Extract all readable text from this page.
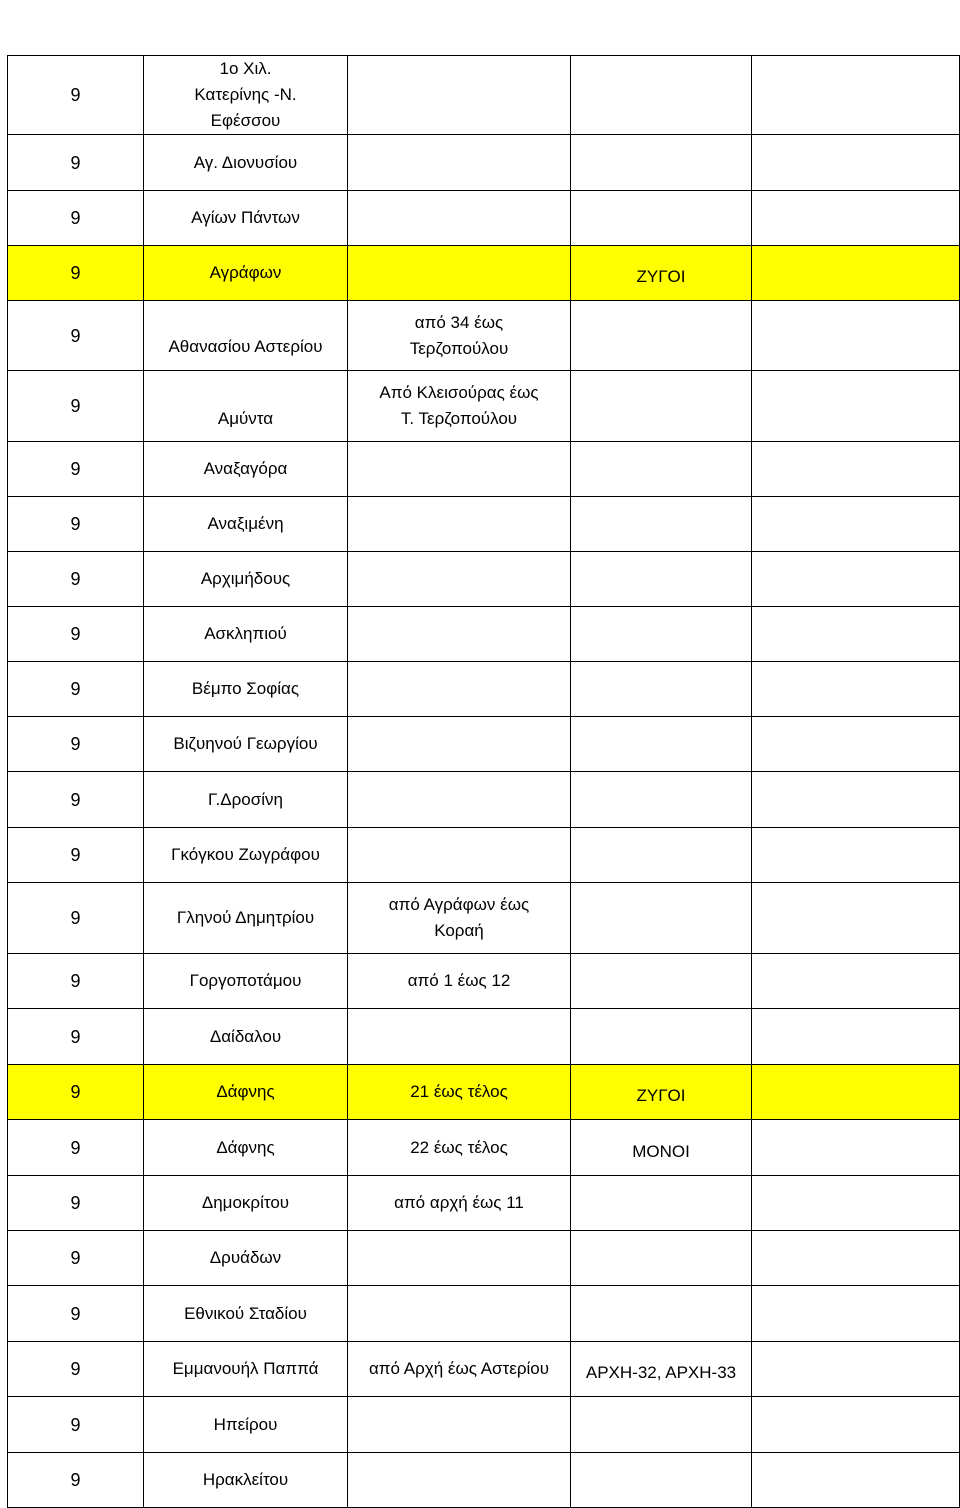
9	1ο Χιλ. Κατερίνης -Ν. Εφέσσου			
9	Αγ. Διονυσίου			
9	Αγίων Πάντων			
9	Αγράφων		ΖΥΓΟΙ	
9	Αθανασίου Αστερίου	από 34 έως Τερζοπούλου		
9	Αμύντα	Από Κλεισούρας έως Τ. Τερζοπούλου		
9	Αναξαγόρα			
9	Αναξιμένη			
9	Αρχιμήδους			
9	Ασκληπιού			
9	Βέμπο Σοφίας			
9	Βιζυηνού Γεωργίου			
9	Γ.Δροσίνη			
9	Γκόγκου Ζωγράφου			
9	Γληνού Δημητρίου	από Αγράφων έως Κοραή		
9	Γοργοποτάμου	από 1 έως 12		
9	Δαίδαλου			
9	Δάφνης	21 έως τέλος	ΖΥΓΟΙ	
9	Δάφνης	22 έως τέλος	ΜΟΝΟΙ	
9	Δημοκρίτου	από αρχή έως 11		
9	Δρυάδων			
9	Εθνικού Σταδίου			
9	Εμμανουήλ Παππά	από Αρχή έως Αστερίου	ΑΡΧΗ-32, ΑΡΧΗ-33	
9	Ηπείρου			
9	Ηρακλείτου			
